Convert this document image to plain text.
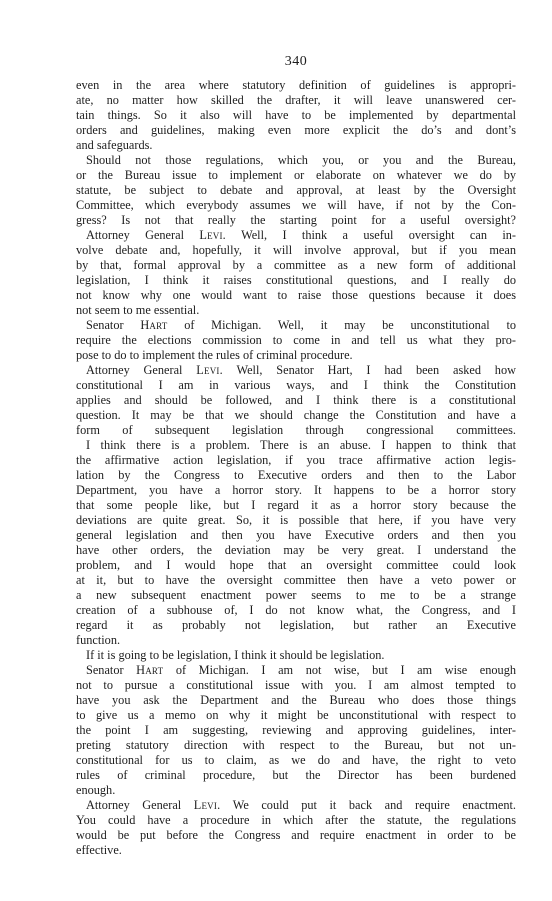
340
even in the area where statutory definition of guidelines is appropri-
ate, no matter how skilled the drafter, it will leave unanswered cer-
tain things. So it also will have to be implemented by departmental
orders and guidelines, making even more explicit the do’s and dont’s
and safeguards.
Should not those regulations, which you, or you and the Bureau,
or the Bureau issue to implement or elaborate on whatever we do by
statute, be subject to debate and approval, at least by the Oversight
Committee, which everybody assumes we will have, if not by the Con-
gress? Is not that really the starting point for a useful oversight?
Attorney General Levi. Well, I think a useful oversight can in-
volve debate and, hopefully, it will involve approval, but if you mean
by that, formal approval by a committee as a new form of additional
legislation, I think it raises constitutional questions, and I really do
not know why one would want to raise those questions because it does
not seem to me essential.
Senator Hart of Michigan. Well, it may be unconstitutional to
require the elections commission to come in and tell us what they pro-
pose to do to implement the rules of criminal procedure.
Attorney General Levi. Well, Senator Hart, I had been asked how
constitutional I am in various ways, and I think the Constitution
applies and should be followed, and I think there is a constitutional
question. It may be that we should change the Constitution and have a
form of subsequent legislation through congressional committees.
I think there is a problem. There is an abuse. I happen to think that
the affirmative action legislation, if you trace affirmative action legis-
lation by the Congress to Executive orders and then to the Labor
Department, you have a horror story. It happens to be a horror story
that some people like, but I regard it as a horror story because the
deviations are quite great. So, it is possible that here, if you have very
general legislation and then you have Executive orders and then you
have other orders, the deviation may be very great. I understand the
problem, and I would hope that an oversight committee could look
at it, but to have the oversight committee then have a veto power or
a new subsequent enactment power seems to me to be a strange
creation of a subhouse of, I do not know what, the Congress, and I
regard it as probably not legislation, but rather an Executive
function.
If it is going to be legislation, I think it should be legislation.
Senator Hart of Michigan. I am not wise, but I am wise enough
not to pursue a constitutional issue with you. I am almost tempted to
have you ask the Department and the Bureau who does those things
to give us a memo on why it might be unconstitutional with respect to
the point I am suggesting, reviewing and approving guidelines, inter-
preting statutory direction with respect to the Bureau, but not un-
constitutional for us to claim, as we do and have, the right to veto
rules of criminal procedure, but the Director has been burdened
enough.
Attorney General Levi. We could put it back and require enactment.
You could have a procedure in which after the statute, the regulations
would be put before the Congress and require enactment in order to be
effective.
